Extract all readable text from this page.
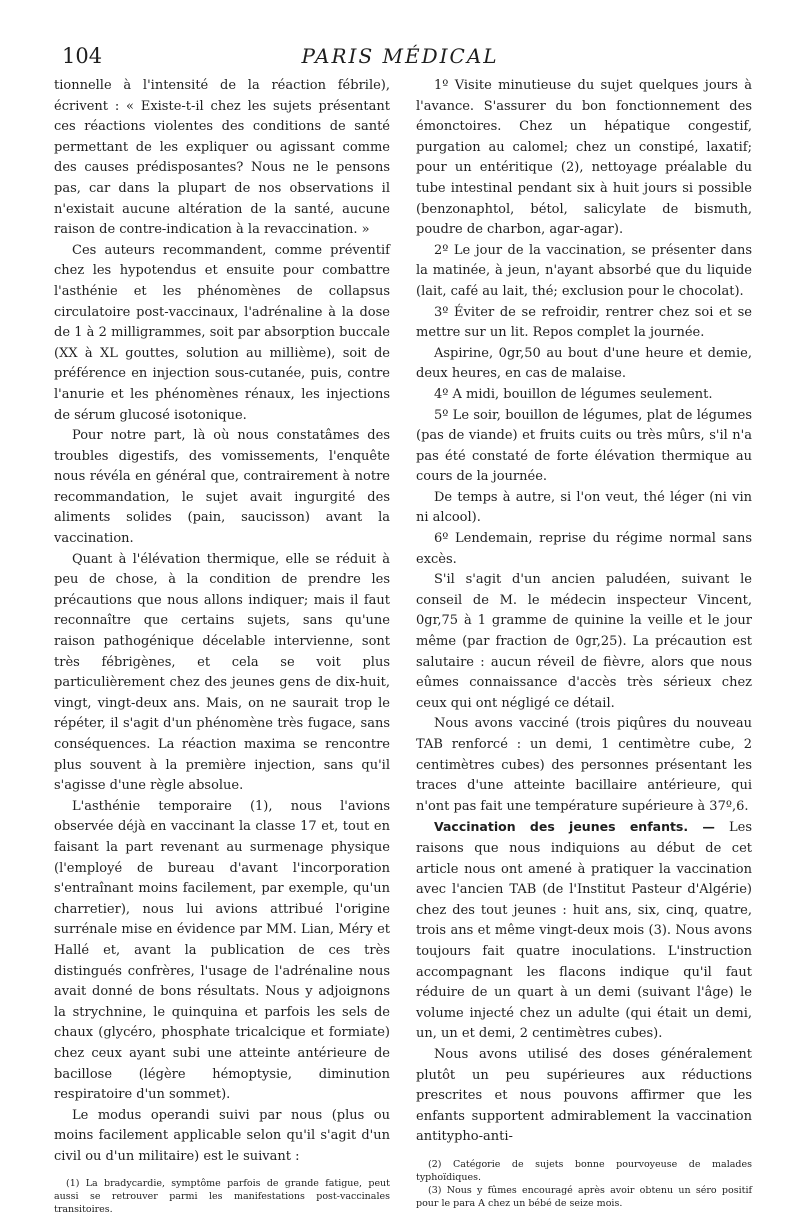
104	PARIS MÉDICAL

tionnelle à l'intensité de la réaction fébrile), écrivent : « Existe-t-il chez les sujets présentant ces réactions violentes des conditions de santé permettant de les expliquer ou agissant comme des causes prédisposantes? Nous ne le pensons pas, car dans la plupart de nos observations il n'existait aucune altération de la santé, aucune raison de contre-indication à la revaccination. »

Ces auteurs recommandent, comme préventif chez les hypotendus et ensuite pour combattre l'asthénie et les phénomènes de collapsus circulatoire post-vaccinaux, l'adrénaline à la dose de 1 à 2 milligrammes, soit par absorption buccale (XX à XL gouttes, solution au millième), soit de préférence en injection sous-cutanée, puis, contre l'anurie et les phénomènes rénaux, les injections de sérum glucosé isotonique.

Pour notre part, là où nous constatâmes des troubles digestifs, des vomissements, l'enquête nous révéla en général que, contrairement à notre recommandation, le sujet avait ingurgité des aliments solides (pain, saucisson) avant la vaccination.

Quant à l'élévation thermique, elle se réduit à peu de chose, à la condition de prendre les précautions que nous allons indiquer; mais il faut reconnaître que certains sujets, sans qu'une raison pathogénique décelable intervienne, sont très fébrigènes, et cela se voit plus particulièrement chez des jeunes gens de dix-huit, vingt, vingt-deux ans. Mais, on ne saurait trop le répéter, il s'agit d'un phénomène très fugace, sans conséquences. La réaction maxima se rencontre plus souvent à la première injection, sans qu'il s'agisse d'une règle absolue.

L'asthénie temporaire (1), nous l'avions observée déjà en vaccinant la classe 17 et, tout en faisant la part revenant au surmenage physique (l'employé de bureau d'avant l'incorporation s'entraînant moins facilement, par exemple, qu'un charretier), nous lui avions attribué l'origine surrénale mise en évidence par MM. Lian, Méry et Hallé et, avant la publication de ces très distingués confrères, l'usage de l'adrénaline nous avait donné de bons résultats. Nous y adjoignons la strychnine, le quinquina et parfois les sels de chaux (glycéro, phosphate tricalcique et formiate) chez ceux ayant subi une atteinte antérieure de bacillose (légère hémoptysie, diminution respiratoire d'un sommet).

Le modus operandi suivi par nous (plus ou moins facilement applicable selon qu'il s'agit d'un civil ou d'un militaire) est le suivant :

(1) La bradycardie, symptôme parfois de grande fatigue, peut aussi se retrouver parmi les manifestations post-vaccinales transitoires.

1º Visite minutieuse du sujet quelques jours à l'avance. S'assurer du bon fonctionnement des émonctoires. Chez un hépatique congestif, purgation au calomel; chez un constipé, laxatif; pour un entéritique (2), nettoyage préalable du tube intestinal pendant six à huit jours si possible (benzonaphtol, bétol, salicylate de bismuth, poudre de charbon, agar-agar).

2º Le jour de la vaccination, se présenter dans la matinée, à jeun, n'ayant absorbé que du liquide (lait, café au lait, thé; exclusion pour le chocolat).

3º Éviter de se refroidir, rentrer chez soi et se mettre sur un lit. Repos complet la journée.

Aspirine, 0gr,50 au bout d'une heure et demie, deux heures, en cas de malaise.

4º A midi, bouillon de légumes seulement.

5º Le soir, bouillon de légumes, plat de légumes (pas de viande) et fruits cuits ou très mûrs, s'il n'a pas été constaté de forte élévation thermique au cours de la journée.

De temps à autre, si l'on veut, thé léger (ni vin ni alcool).

6º Lendemain, reprise du régime normal sans excès.

S'il s'agit d'un ancien paludéen, suivant le conseil de M. le médecin inspecteur Vincent, 0gr,75 à 1 gramme de quinine la veille et le jour même (par fraction de 0gr,25). La précaution est salutaire : aucun réveil de fièvre, alors que nous eûmes connaissance d'accès très sérieux chez ceux qui ont négligé ce détail.

Nous avons vacciné (trois piqûres du nouveau TAB renforcé : un demi, 1 centimètre cube, 2 centimètres cubes) des personnes présentant les traces d'une atteinte bacillaire antérieure, qui n'ont pas fait une température supérieure à 37º,6.

Vaccination des jeunes enfants. — Les raisons que nous indiquions au début de cet article nous ont amené à pratiquer la vaccination avec l'ancien TAB (de l'Institut Pasteur d'Algérie) chez des tout jeunes : huit ans, six, cinq, quatre, trois ans et même vingt-deux mois (3). Nous avons toujours fait quatre inoculations. L'instruction accompagnant les flacons indique qu'il faut réduire de un quart à un demi (suivant l'âge) le volume injecté chez un adulte (qui était un demi, un, un et demi, 2 centimètres cubes).

Nous avons utilisé des doses généralement plutôt un peu supérieures aux réductions prescrites et nous pouvons affirmer que les enfants supportent admirablement la vaccination antitypho-anti-

(2) Catégorie de sujets bonne pourvoyeuse de malades typhoïdiques.

(3) Nous y fûmes encouragé après avoir obtenu un séro positif pour le para A chez un bébé de seize mois.
